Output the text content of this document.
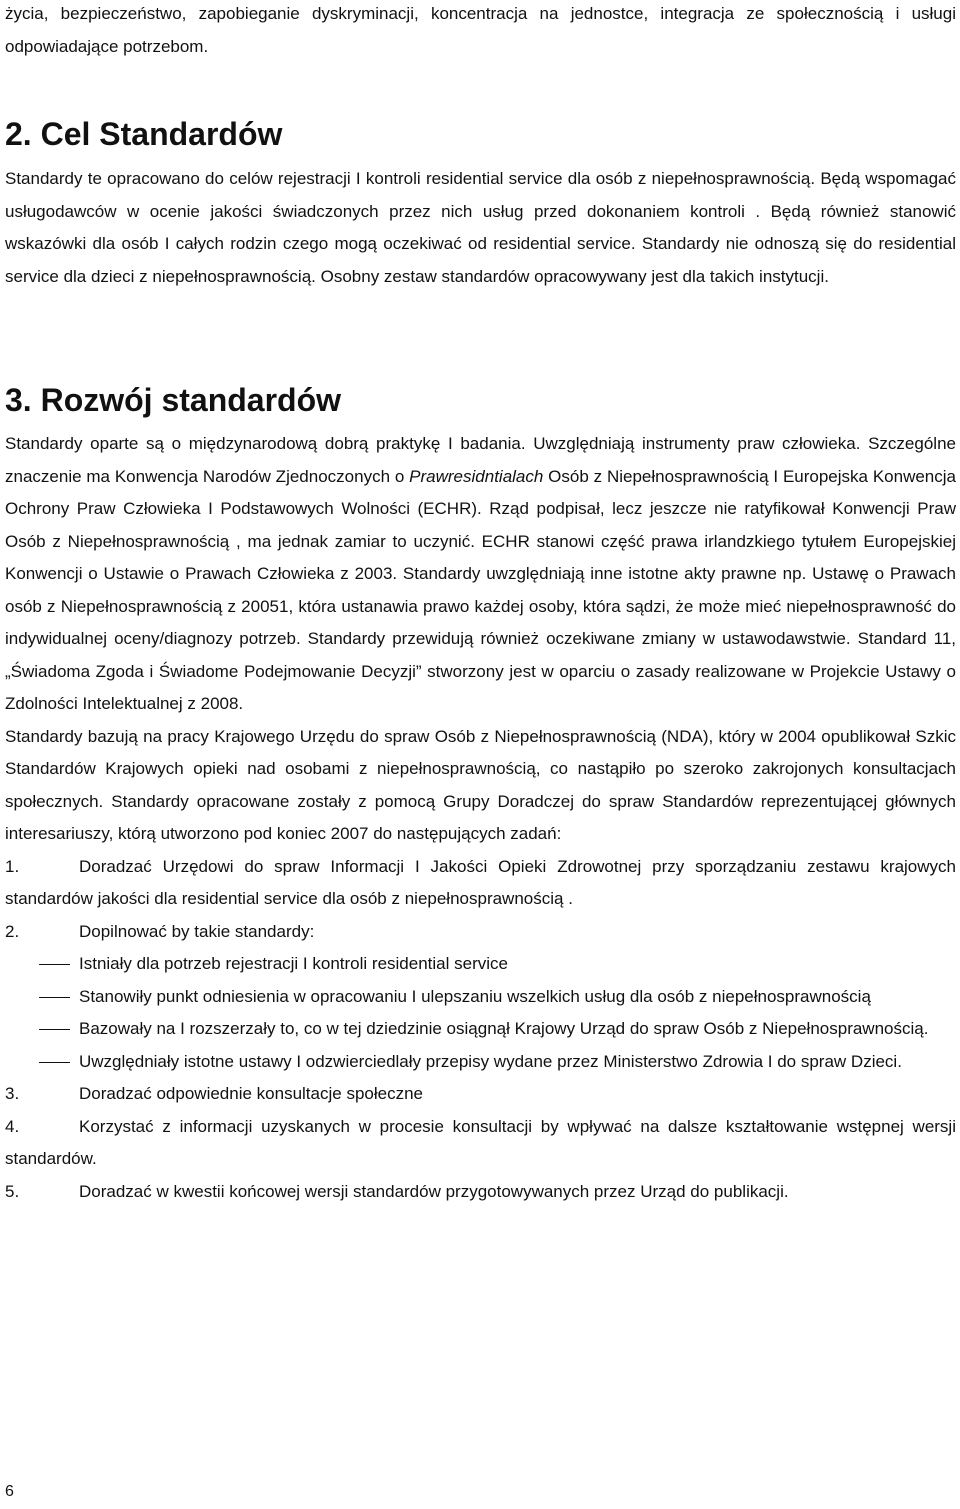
życia, bezpieczeństwo, zapobieganie dyskryminacji, koncentracja na jednostce, integracja ze społecznością i usługi odpowiadające potrzebom.

2. Cel Standardów

Standardy te opracowano do celów rejestracji I kontroli residential service dla osób z niepełnosprawnością. Będą wspomagać usługodawców w ocenie jakości świadczonych przez nich usług przed dokonaniem kontroli . Będą również stanowić wskazówki dla osób I całych rodzin czego mogą oczekiwać od residential service. Standardy nie odnoszą się do residential service dla dzieci z niepełnosprawnością. Osobny zestaw standardów opracowywany jest dla takich instytucji.

3. Rozwój standardów

Standardy oparte są o międzynarodową dobrą praktykę I badania. Uwzględniają instrumenty praw człowieka. Szczególne znaczenie ma Konwencja Narodów Zjednoczonych o Prawresidntialach Osób z Niepełnosprawnością I Europejska Konwencja Ochrony Praw Człowieka I Podstawowych Wolności (ECHR). Rząd podpisał, lecz jeszcze nie ratyfikował Konwencji Praw Osób z Niepełnosprawnością , ma jednak zamiar to uczynić. ECHR stanowi część prawa irlandzkiego tytułem Europejskiej Konwencji o Ustawie o Prawach Człowieka z 2003. Standardy uwzględniają inne istotne akty prawne np. Ustawę o Prawach osób z Niepełnosprawnością z 20051, która ustanawia prawo każdej osoby, która sądzi, że może mieć niepełnosprawność do indywidualnej oceny/diagnozy potrzeb. Standardy przewidują również oczekiwane zmiany w ustawodawstwie. Standard 11, „Świadoma Zgoda i Świadome Podejmowanie Decyzji” stworzony jest w oparciu o zasady realizowane w Projekcie Ustawy o Zdolności Intelektualnej z 2008.

Standardy bazują na pracy Krajowego Urzędu do spraw Osób z Niepełnosprawnością (NDA), który w 2004 opublikował Szkic Standardów Krajowych opieki nad osobami z niepełnosprawnością, co nastąpiło po szeroko zakrojonych konsultacjach społecznych. Standardy opracowane zostały z pomocą Grupy Doradczej do spraw Standardów reprezentującej głównych interesariuszy, którą utworzono pod koniec 2007 do następujących zadań:

1.	Doradzać Urzędowi do spraw Informacji I Jakości Opieki Zdrowotnej przy sporządzaniu zestawu krajowych standardów jakości dla residential service dla osób z niepełnosprawnością .

2.	Dopilnować by takie standardy:

Istniały dla potrzeb rejestracji I kontroli residential service

Stanowiły punkt odniesienia w opracowaniu I ulepszaniu wszelkich usług dla osób z niepełnosprawnością

Bazowały na I rozszerzały to, co w tej dziedzinie osiągnął Krajowy Urząd do spraw Osób z Niepełnosprawnością.

Uwzględniały istotne ustawy I odzwierciedlały przepisy wydane przez Ministerstwo Zdrowia I do spraw Dzieci.

3.	Doradzać odpowiednie konsultacje społeczne

4.	Korzystać z informacji uzyskanych w procesie konsultacji by wpływać na dalsze kształtowanie wstępnej wersji standardów.

5.	Doradzać w kwestii końcowej wersji standardów przygotowywanych przez Urząd do publikacji.

6
